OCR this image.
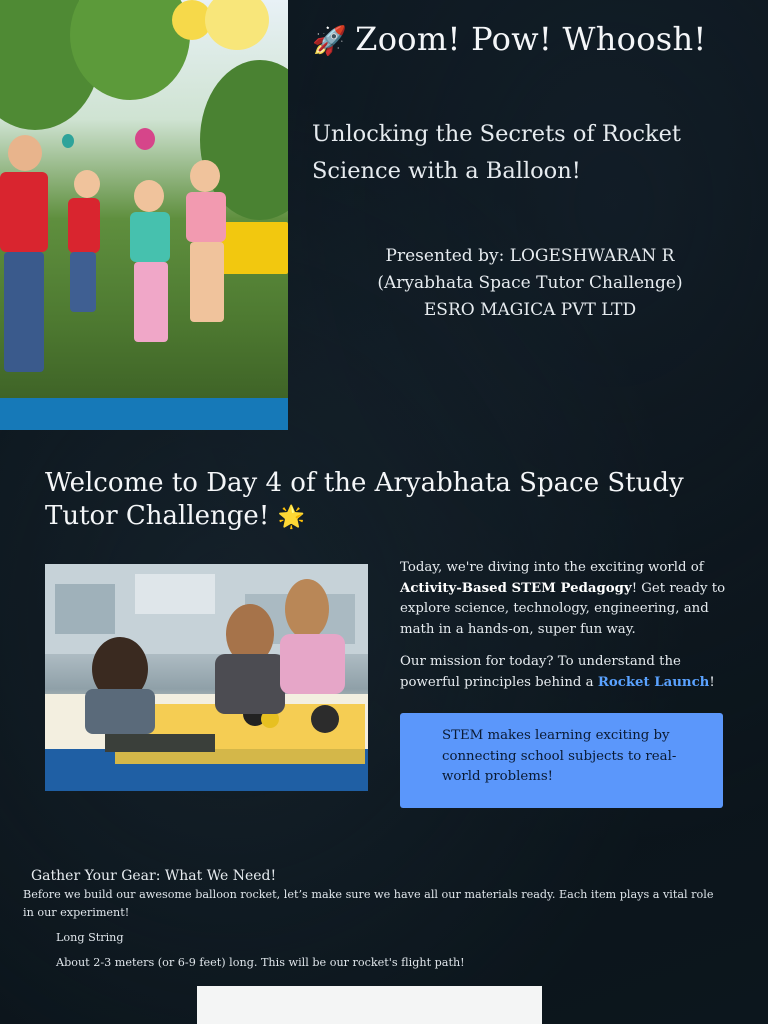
🚀 Zoom! Pow! Whoosh!
Unlocking the Secrets of Rocket Science with a Balloon!
Presented by: LOGESHWARAN R
(Aryabhata Space Tutor Challenge)
ESRO MAGICA PVT LTD
Welcome to Day 4 of the Aryabhata Space Study Tutor Challenge! 🌟
Today, we're diving into the exciting world of Activity-Based STEM Pedagogy! Get ready to explore science, technology, engineering, and math in a hands-on, super fun way.
Our mission for today? To understand the powerful principles behind a Rocket Launch!
STEM makes learning exciting by connecting school subjects to real-world problems!
Gather Your Gear: What We Need!
Before we build our awesome balloon rocket, let’s make sure we have all our materials ready. Each item plays a vital role in our experiment!
Long String
About 2-3 meters (or 6-9 feet) long. This will be our rocket's flight path!
